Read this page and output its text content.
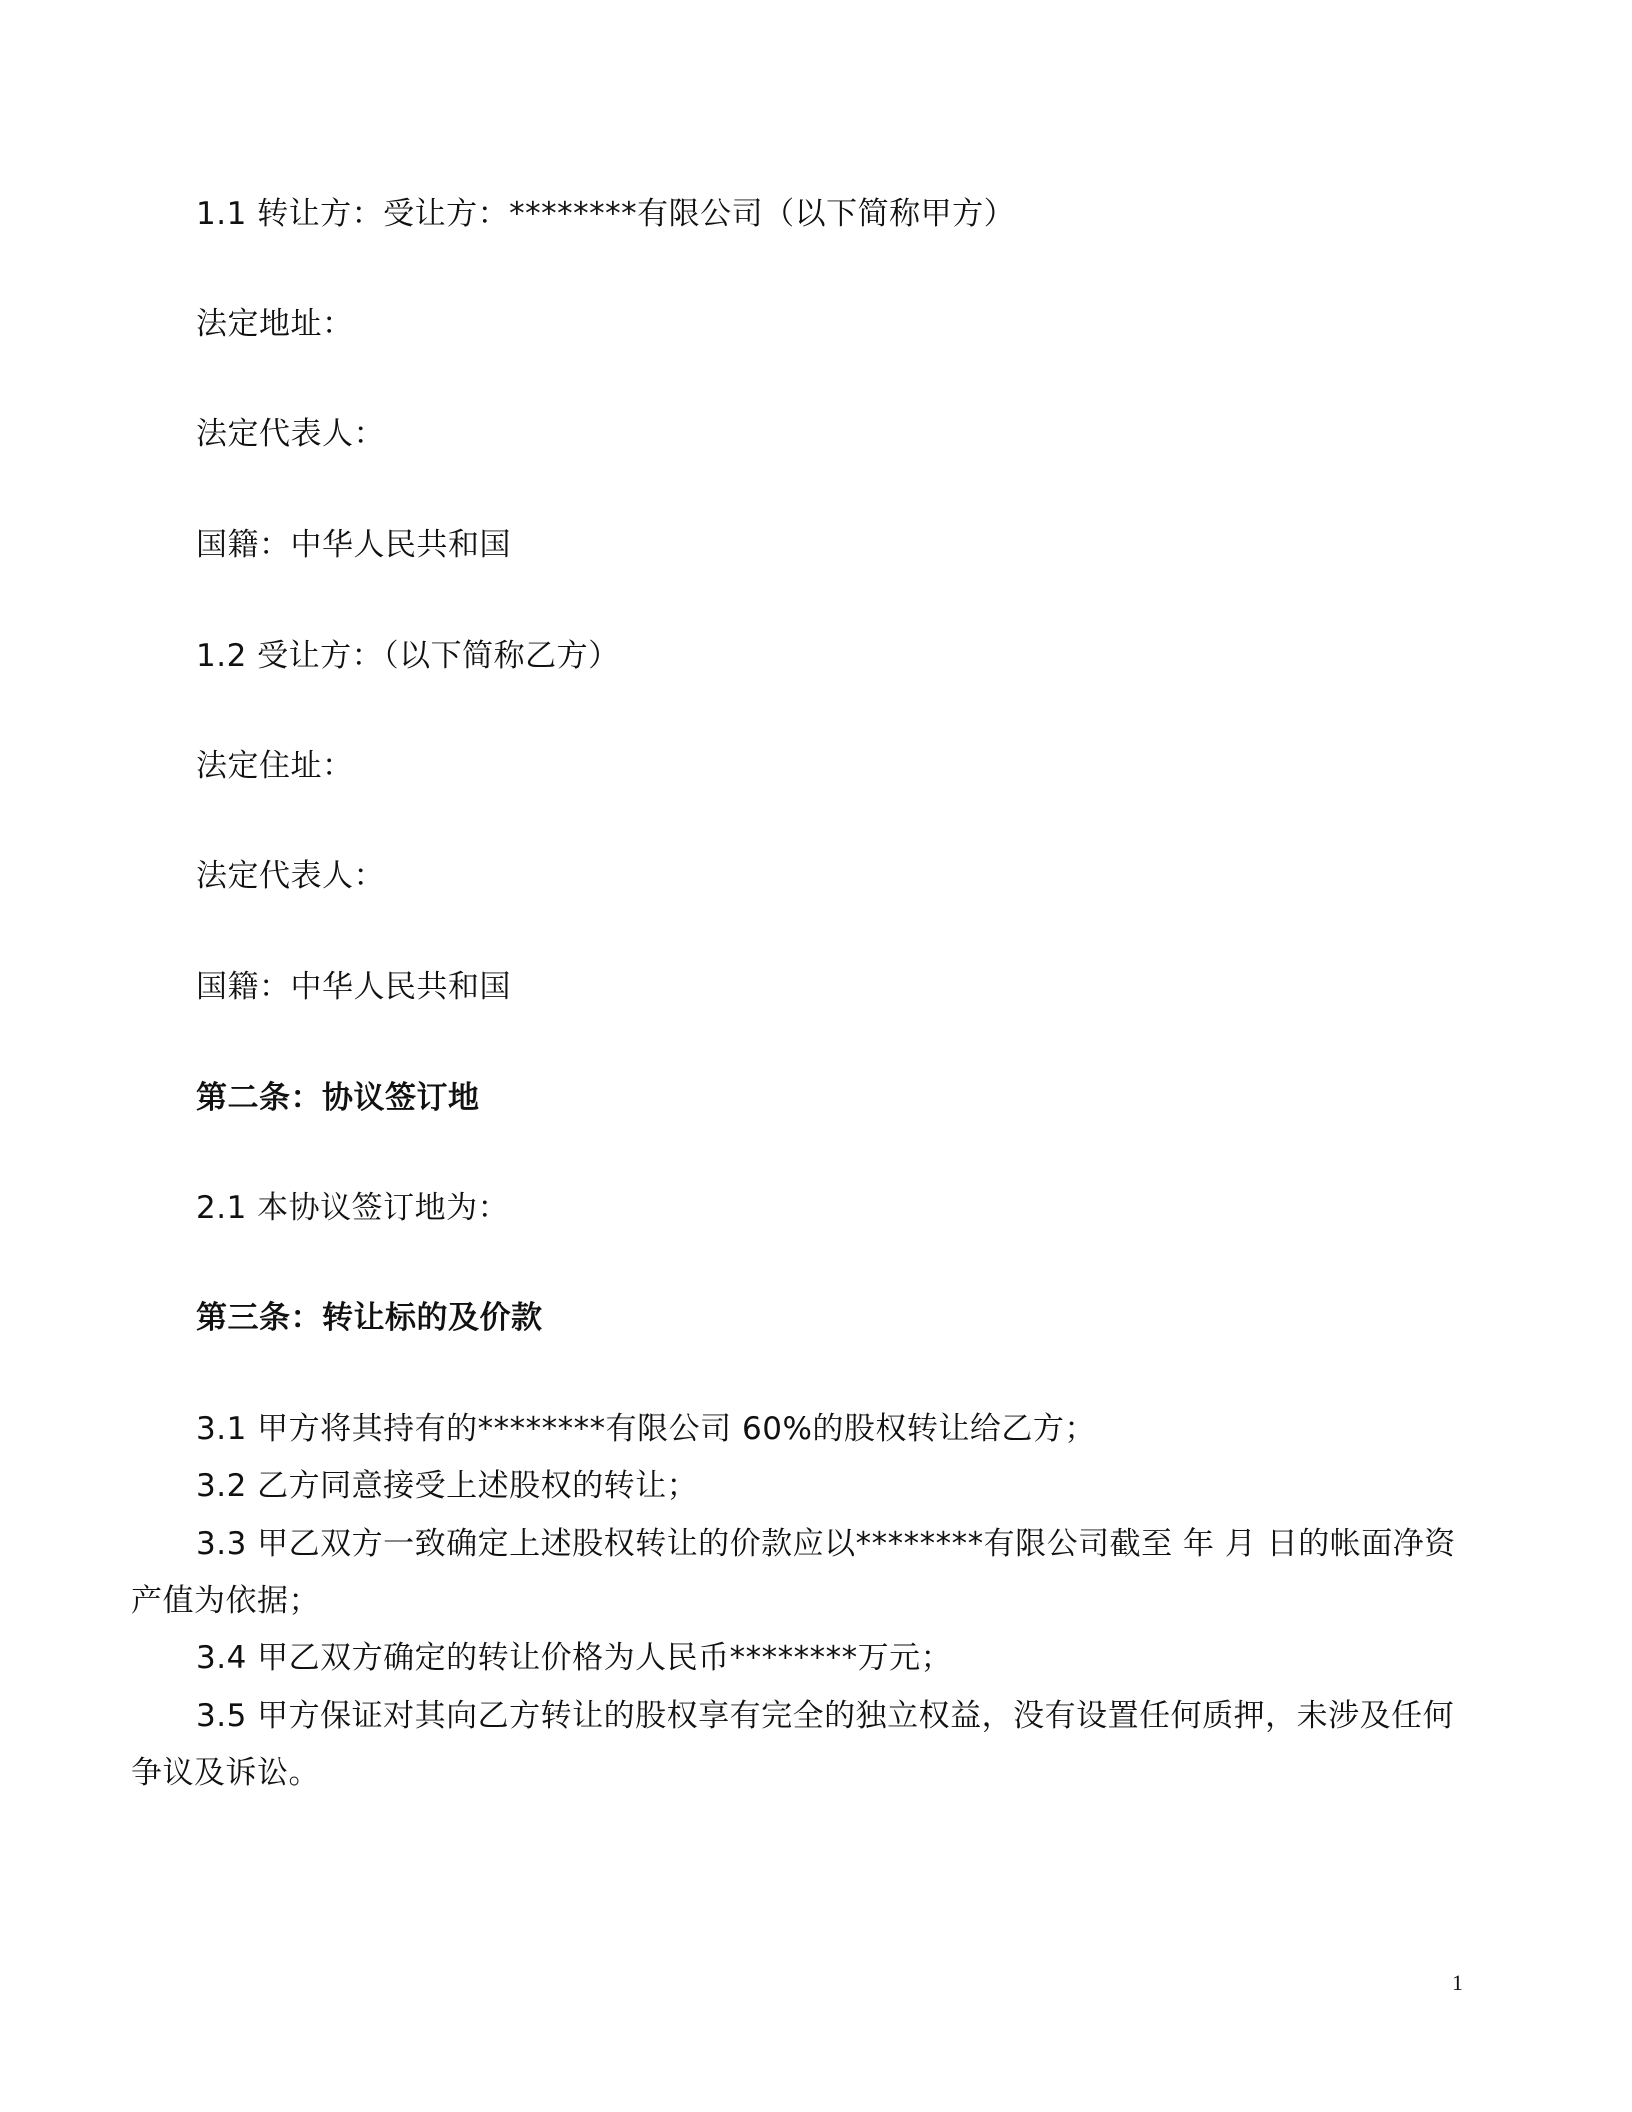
1.1 转让方：受让方：********有限公司（以下简称甲方）
法定地址：
法定代表人：
国籍：中华人民共和国
1.2 受让方：（以下简称乙方）
法定住址：
法定代表人：
国籍：中华人民共和国
第二条：协议签订地
2.1 本协议签订地为：
第三条：转让标的及价款
3.1 甲方将其持有的********有限公司 60%的股权转让给乙方；
3.2 乙方同意接受上述股权的转让；
3.3 甲乙双方一致确定上述股权转让的价款应以********有限公司截至 年 月 日的帐面净资
产值为依据；
3.4 甲乙双方确定的转让价格为人民币********万元；
3.5 甲方保证对其向乙方转让的股权享有完全的独立权益，没有设置任何质押，未涉及任何
争议及诉讼。
1
